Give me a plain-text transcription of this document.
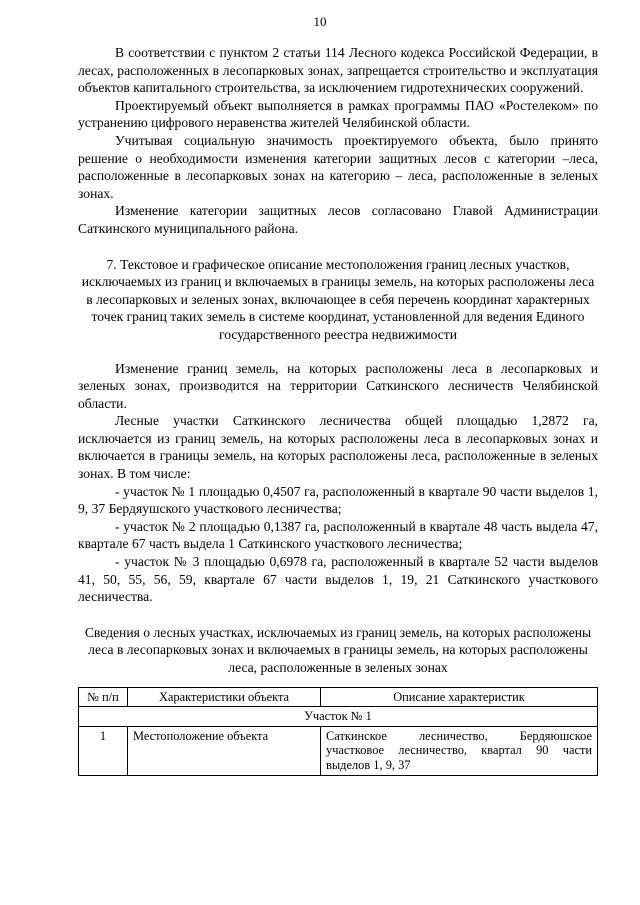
10

В соответствии с пунктом 2 статьи 114 Лесного кодекса Российской Федерации, в лесах, расположенных в лесопарковых зонах, запрещается строительство и эксплуатация объектов капитального строительства, за исключением гидротехнических сооружений.

Проектируемый объект выполняется в рамках программы ПАО «Ростелеком» по устранению цифрового неравенства жителей Челябинской области.

Учитывая социальную значимость проектируемого объекта, было принято решение о необходимости изменения категории защитных лесов с категории –леса, расположенные в лесопарковых зонах на категорию – леса, расположенные в зеленых зонах.

Изменение категории защитных лесов согласовано Главой Администрации Саткинского муниципального района.

7. Текстовое и графическое описание местоположения границ лесных участков, исключаемых из границ и включаемых в границы земель, на которых расположены леса в лесопарковых и зеленых зонах, включающее в себя перечень координат характерных точек границ таких земель в системе координат, установленной для ведения Единого государственного реестра недвижимости

Изменение границ земель, на которых расположены леса в лесопарковых и зеленых зонах, производится на территории Саткинского лесничеств Челябинской области.

Лесные участки Саткинского лесничества общей площадью 1,2872 га, исключается из границ земель, на которых расположены леса в лесопарковых зонах и включается в границы земель, на которых расположены леса, расположенные в зеленых зонах. В том числе:

- участок № 1 площадью 0,4507 га, расположенный в квартале 90 части выделов 1, 9, 37 Бердяушского участкового лесничества;

- участок № 2 площадью 0,1387 га, расположенный в квартале 48 часть выдела 47, квартале 67 часть выдела 1 Саткинского участкового лесничества;

- участок № 3 площадью 0,6978 га, расположенный в квартале 52 части выделов 41, 50, 55, 56, 59, квартале 67 части выделов 1, 19, 21 Саткинского участкового лесничества.

Сведения о лесных участках, исключаемых из границ земель, на которых расположены леса в лесопарковых зонах и включаемых в границы земель, на которых расположены леса, расположенные в зеленых зонах

№ п/п	Характеристики объекта	Описание характеристик
Участок № 1		
1	Местоположение объекта	Саткинское лесничество, Бердяюшское участковое лесничество, квартал 90 части выделов 1, 9, 37
